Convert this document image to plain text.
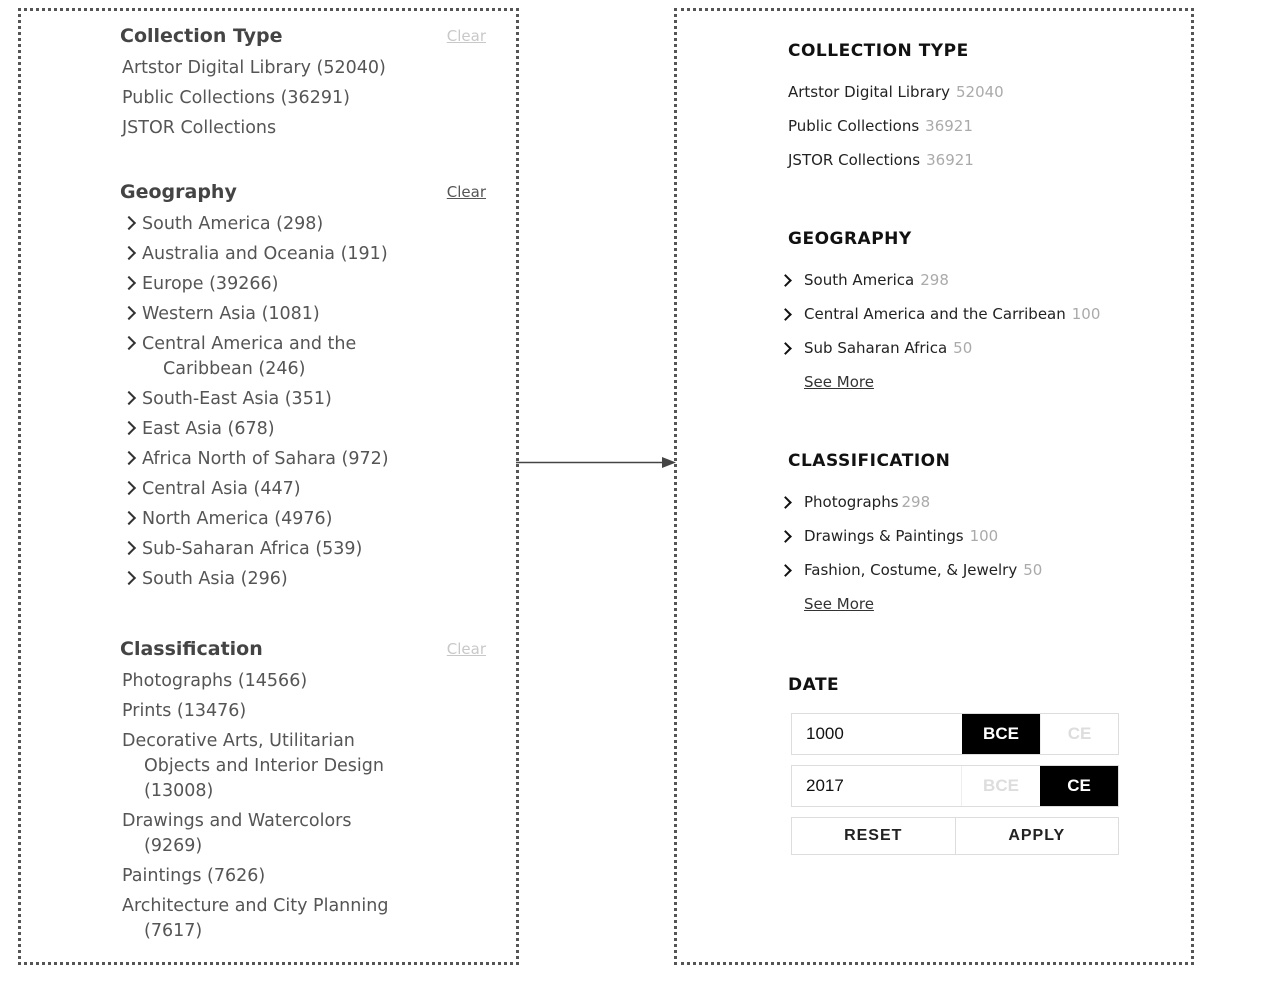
Collection Type	Clear
Artstor Digital Library (52040)
Public Collections (36291)
JSTOR Collections
Geography	Clear
South America (298)
Australia and Oceania (191)
Europe (39266)
Western Asia (1081)
Central America and the Caribbean (246)
South-East Asia (351)
East Asia (678)
Africa North of Sahara (972)
Central Asia (447)
North America (4976)
Sub-Saharan Africa (539)
South Asia (296)
Classification	Clear
Photographs (14566)
Prints (13476)
Decorative Arts, Utilitarian Objects and Interior Design (13008)
Drawings and Watercolors (9269)
Paintings (7626)
Architecture and City Planning (7617)
COLLECTION TYPE
Artstor Digital Library 52040
Public Collections 36921
JSTOR Collections 36921
GEOGRAPHY
South America 298
Central America and the Carribean 100
Sub Saharan Africa 50
See More
CLASSIFICATION
Photographs 298
Drawings & Paintings 100
Fashion, Costume, & Jewelry 50
See More
DATE
1000
BCE	CE
2017
BCE	CE
RESET	APPLY
